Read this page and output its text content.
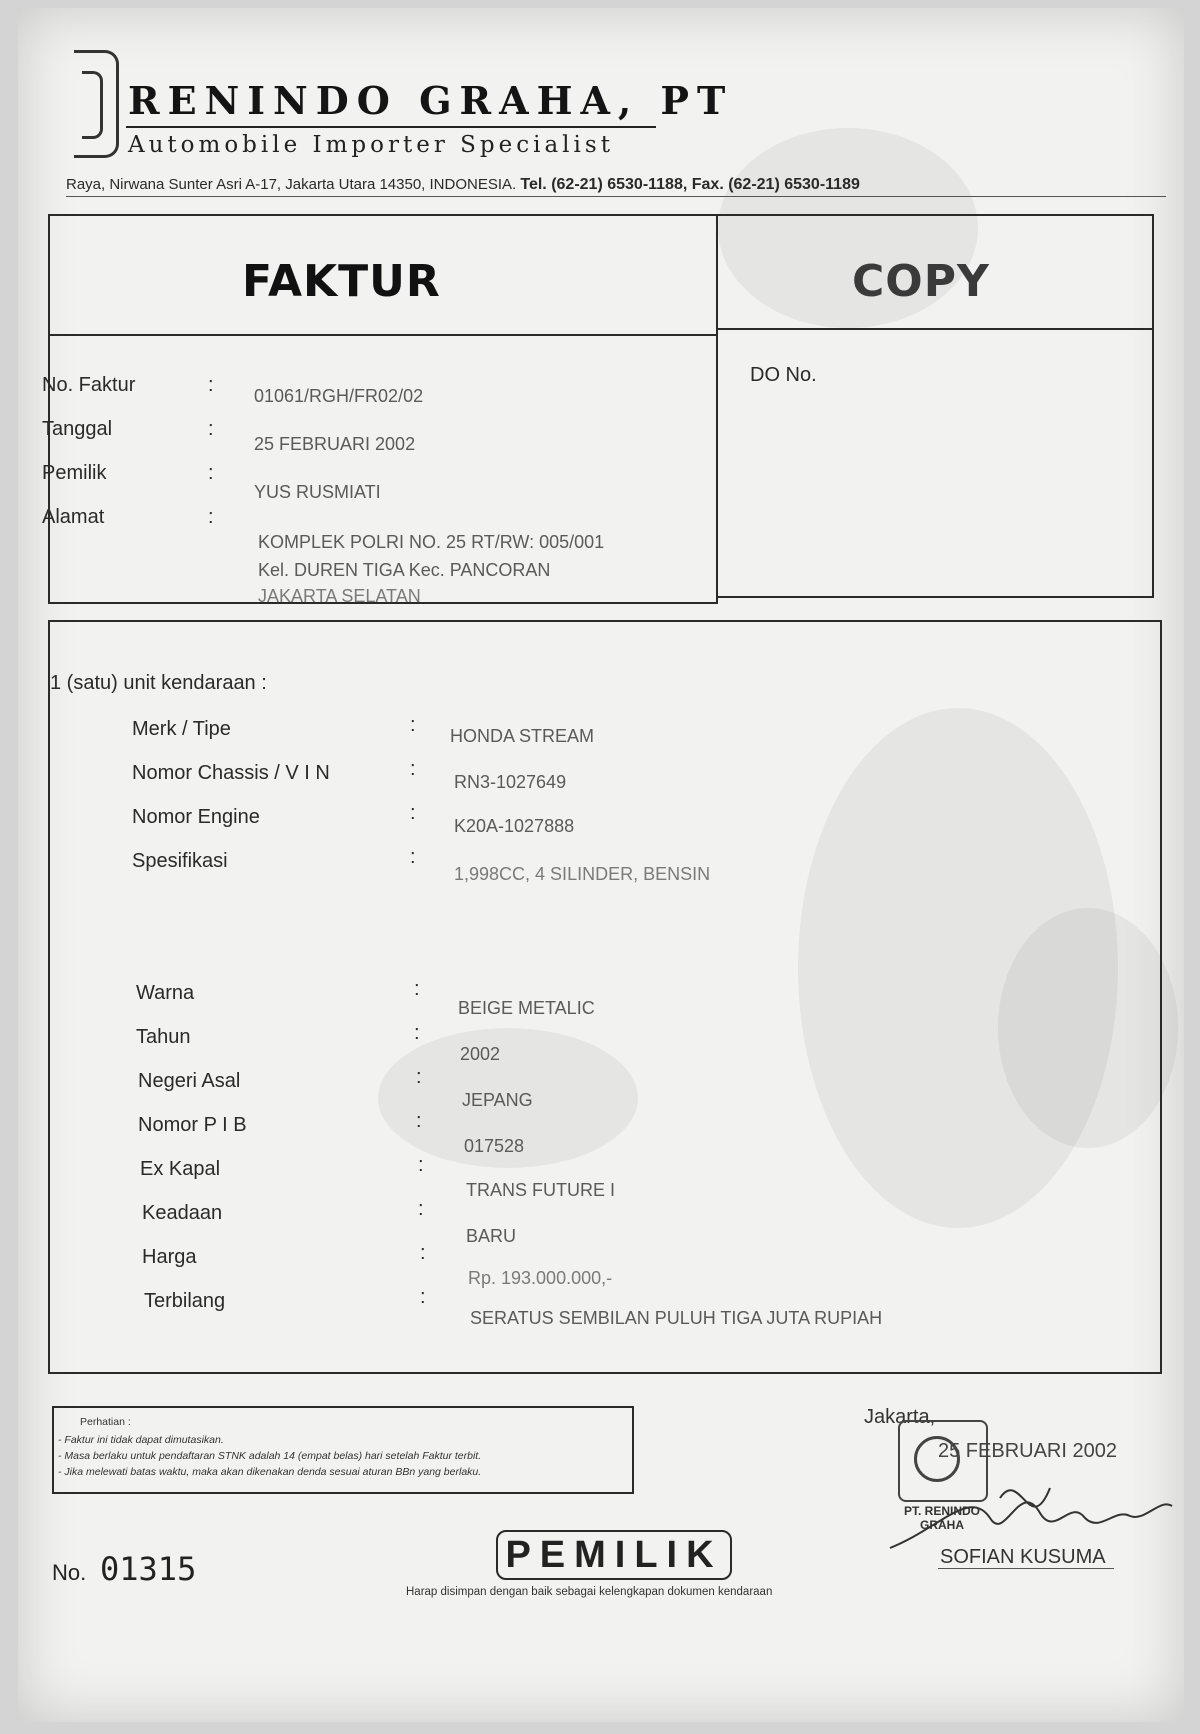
RENINDO GRAHA, PT
Automobile Importer Specialist
Raya, Nirwana Sunter Asri A-17, Jakarta Utara 14350, INDONESIA. Tel. (62-21) 6530-1188, Fax. (62-21) 6530-1189
FAKTUR	COPY
DO No.
No. Faktur	: 01061/RGH/FR02/02
Tanggal	:
25 FEBRUARI 2002
Pemilik	:
YUS RUSMIATI
Alamat	:
KOMPLEK POLRI NO. 25 RT/RW: 005/001
Kel. DUREN TIGA Kec. PANCORAN
JAKARTA SELATAN
1 (satu) unit kendaraan :
Merk / Tipe	: HONDA STREAM
Nomor Chassis / V I N	:
RN3-1027649
Nomor Engine	:
K20A-1027888
Spesifikasi	:
1,998CC, 4 SILINDER, BENSIN
Warna	:
BEIGE METALIC
Tahun	:
2002
Negeri Asal	:
JEPANG
Nomor P I B	:
017528
Ex Kapal	:
TRANS FUTURE I
Keadaan	:
BARU
Harga	:
Rp. 193.000.000,-
Terbilang	:
SERATUS SEMBILAN PULUH TIGA JUTA RUPIAH
Perhatian :
- Faktur ini tidak dapat dimutasikan.
- Masa berlaku untuk pendaftaran STNK adalah 14 (empat belas) hari setelah Faktur terbit.
- Jika melewati batas waktu, maka akan dikenakan denda sesuai aturan BBn yang berlaku.
No. 01315	PEMILIK
Harap disimpan dengan baik sebagai kelengkapan dokumen kendaraan
Jakarta,
25 FEBRUARI 2002
PT. RENINDO
GRAHA
SOFIAN KUSUMA
